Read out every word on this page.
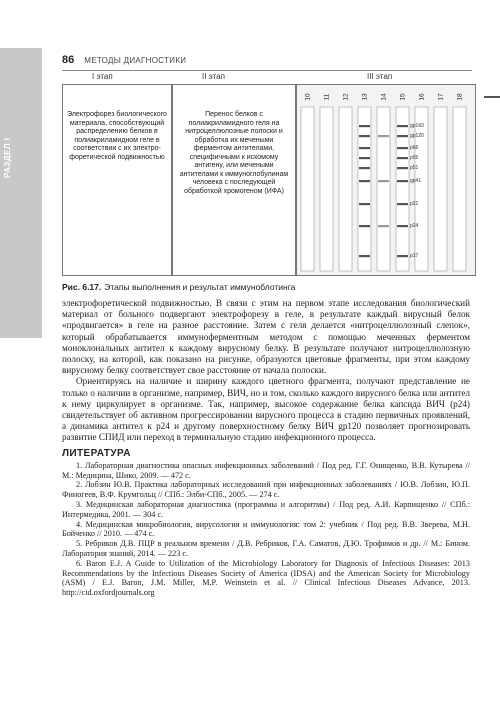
РАЗДЕЛ I
86 МЕТОДЫ ДИАГНОСТИКИ
I этап	II этап	III этап
Электрофорез биологического материала, способствующий распределению белков в полиакриламидном геле в соответствии с их электро-форетической подвижностью
Перенос белков с полиакриламидного геля на нитроцеллюлозные полоски и обработка их мечеными ферментом антителами, специфичными к искомому антигену, или мечеными антителами к иммуноглобулинам человека с последующей обработкой хромогеном (ИФА)
10 11 12 13 14 15 16 17 18
gp160
gp120
p66
p55
p51
gp41
p31
p24
p17
Рис. 6.17. Этапы выполнения и результат иммуноблотинга

электрофоретической подвижностью. В связи с этим на первом этапе исследования биологический материал от больного подвергают электрофорезу в геле, в результате каждый вирусный белок «продвигается» в геле на разное расстояние. Затем с геля делается «нитроцеллюлозный слепок», который обрабатывается иммуноферментным методом с помощью меченных ферментом моноклональных антител к каждому вирусному белку. В результате получают нитроцеллюлозную полоску, на которой, как показано на рисунке, образуются цветовые фрагменты, при этом каждому вирусному белку соответствует свое расстояние от начала полоски.

Ориентируясь на наличие и ширину каждого цветного фрагмента, получают представление не только о наличии в организме, например, ВИЧ, но и том, сколько каждого вирусного белка или антител к нему циркулирует в организме. Так, например, высокое содержание белка капсида ВИЧ (p24) свидетельствует об активном прогрессировании вирусного процесса в стадию первичных проявлений, а динамика антител к p24 и другому поверхностному белку ВИЧ gp120 позволяет прогнозировать развитие СПИД или переход в терминальную стадию инфекционного процесса.

ЛИТЕРАТУРА

1. Лабораторная диагностика опасных инфекционных заболеваний / Под ред. Г.Г. Онищенко, В.В. Кутырева // М.: Медицина, Шико, 2009. — 472 с.

2. Лобзин Ю.В. Практика лабораторных исследований при инфекционных заболеваниях / Ю.В. Лобзин, Ю.П. Финогеев, В.Ф. Крумгольц // СПб.: Элби-СПб., 2005. — 274 с.

3. Медицинская лабораторная диагностика (программы и алгоритмы) / Под ред. А.И. Карпищенко // СПб.: Интермедика, 2001. — 304 с.

4. Медицинская микробиология, вирусология и иммунология: том 2: учебник / Под ред. В.В. Зверева, М.Н. Бойченко // 2010. — 474 с.

5. Ребриков Д.В. ПЦР в реальном времени / Д.В. Ребриков, Г.А. Саматов, Д.Ю. Трофимов и др. // М.: Бином. Лаборатория знаний, 2014. — 223 с.

6. Baron E.J. A Guide to Utilization of the Microbiology Laboratory for Diagnosis of Infectious Diseases: 2013 Recommendations by the Infectious Diseases Society of America (IDSA) and the American Society for Microbiology (ASM) / E.J. Baron, J.M. Miller, M.P. Weinstein et al. // Clinical Infectious Diseases Advance, 2013. http://cid.oxfordjournals.org
